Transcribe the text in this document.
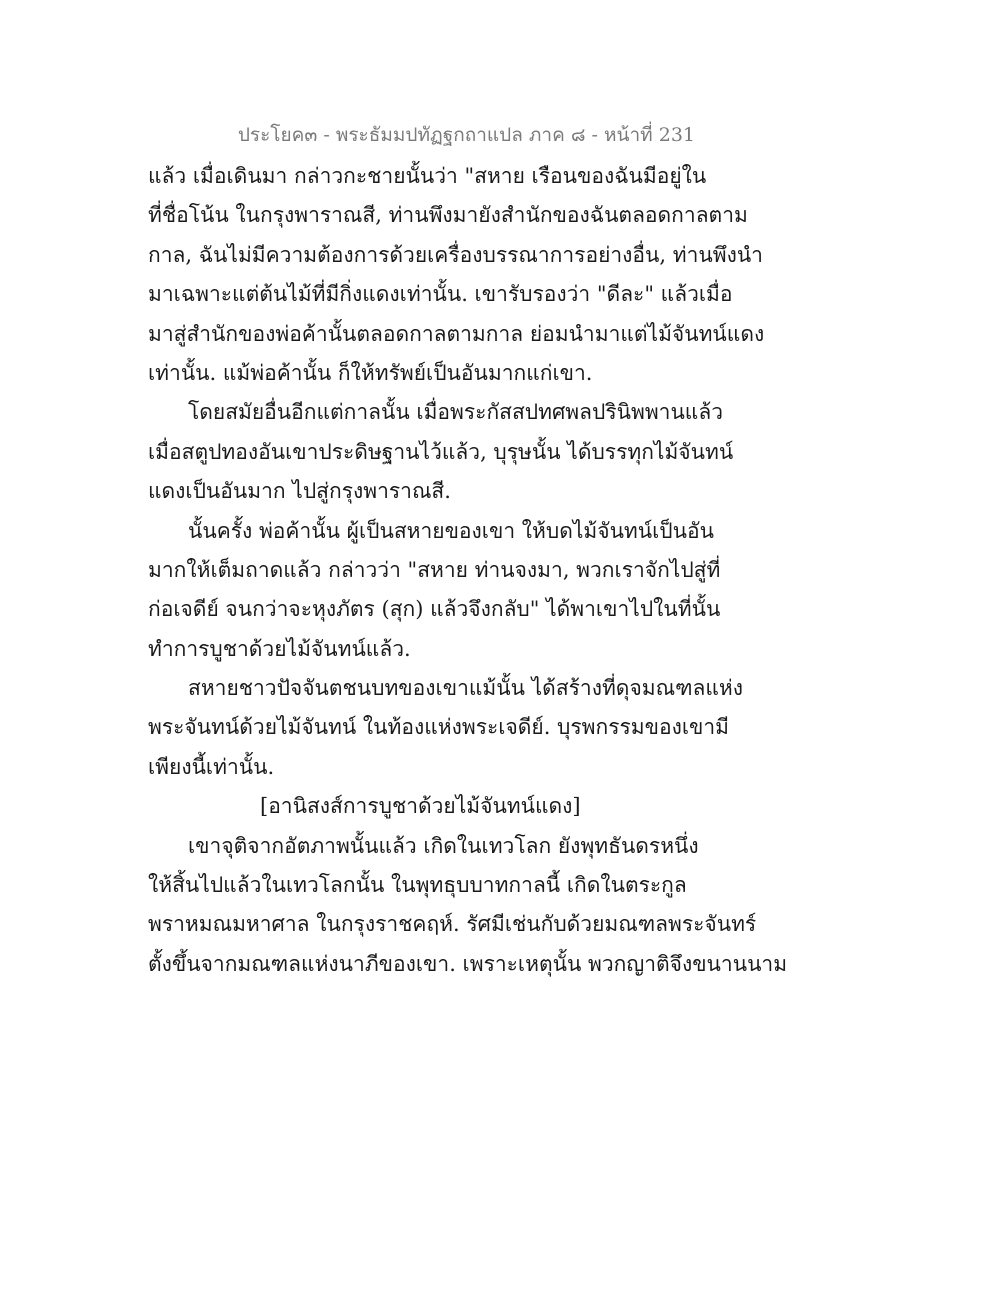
ประโยค๓ - พระธัมมปทัฏฐกถาแปล ภาค ๘ - หน้าที่ 231
แล้ว เมื่อเดินมา กล่าวกะชายนั้นว่า "สหาย เรือนของฉันมีอยู่ใน
ที่ชื่อโน้น ในกรุงพาราณสี, ท่านพึงมายังสำนักของฉันตลอดกาลตาม
กาล, ฉันไม่มีความต้องการด้วยเครื่องบรรณาการอย่างอื่น, ท่านพึงนำ
มาเฉพาะแต่ต้นไม้ที่มีกิ่งแดงเท่านั้น. เขารับรองว่า "ดีละ" แล้วเมื่อ
มาสู่สำนักของพ่อค้านั้นตลอดกาลตามกาล ย่อมนำมาแต่ไม้จันทน์แดง
เท่านั้น. แม้พ่อค้านั้น ก็ให้ทรัพย์เป็นอันมากแก่เขา.
โดยสมัยอื่นอีกแต่กาลนั้น เมื่อพระกัสสปทศพลปรินิพพานแล้ว
เมื่อสตูปทองอันเขาประดิษฐานไว้แล้ว, บุรุษนั้น ได้บรรทุกไม้จันทน์
แดงเป็นอันมาก ไปสู่กรุงพาราณสี.
นั้นครั้ง พ่อค้านั้น ผู้เป็นสหายของเขา ให้บดไม้จันทน์เป็นอัน
มากให้เต็มถาดแล้ว กล่าวว่า "สหาย ท่านจงมา, พวกเราจักไปสู่ที่
ก่อเจดีย์ จนกว่าจะหุงภัตร (สุก) แล้วจึงกลับ" ได้พาเขาไปในที่นั้น
ทำการบูชาด้วยไม้จันทน์แล้ว.
สหายชาวปัจจันตชนบทของเขาแม้นั้น ได้สร้างที่ดุจมณฑลแห่ง
พระจันทน์ด้วยไม้จันทน์ ในท้องแห่งพระเจดีย์. บุรพกรรมของเขามี
เพียงนี้เท่านั้น.
[อานิสงส์การบูชาด้วยไม้จันทน์แดง]
เขาจุติจากอัตภาพนั้นแล้ว เกิดในเทวโลก ยังพุทธันดรหนึ่ง
ให้สิ้นไปแล้วในเทวโลกนั้น ในพุทธุบบาทกาลนี้ เกิดในตระกูล
พราหมณมหาศาล ในกรุงราชคฤห์. รัศมีเช่นกับด้วยมณฑลพระจันทร์
ตั้งขึ้นจากมณฑลแห่งนาภีของเขา. เพราะเหตุนั้น พวกญาติจึงขนานนาม
